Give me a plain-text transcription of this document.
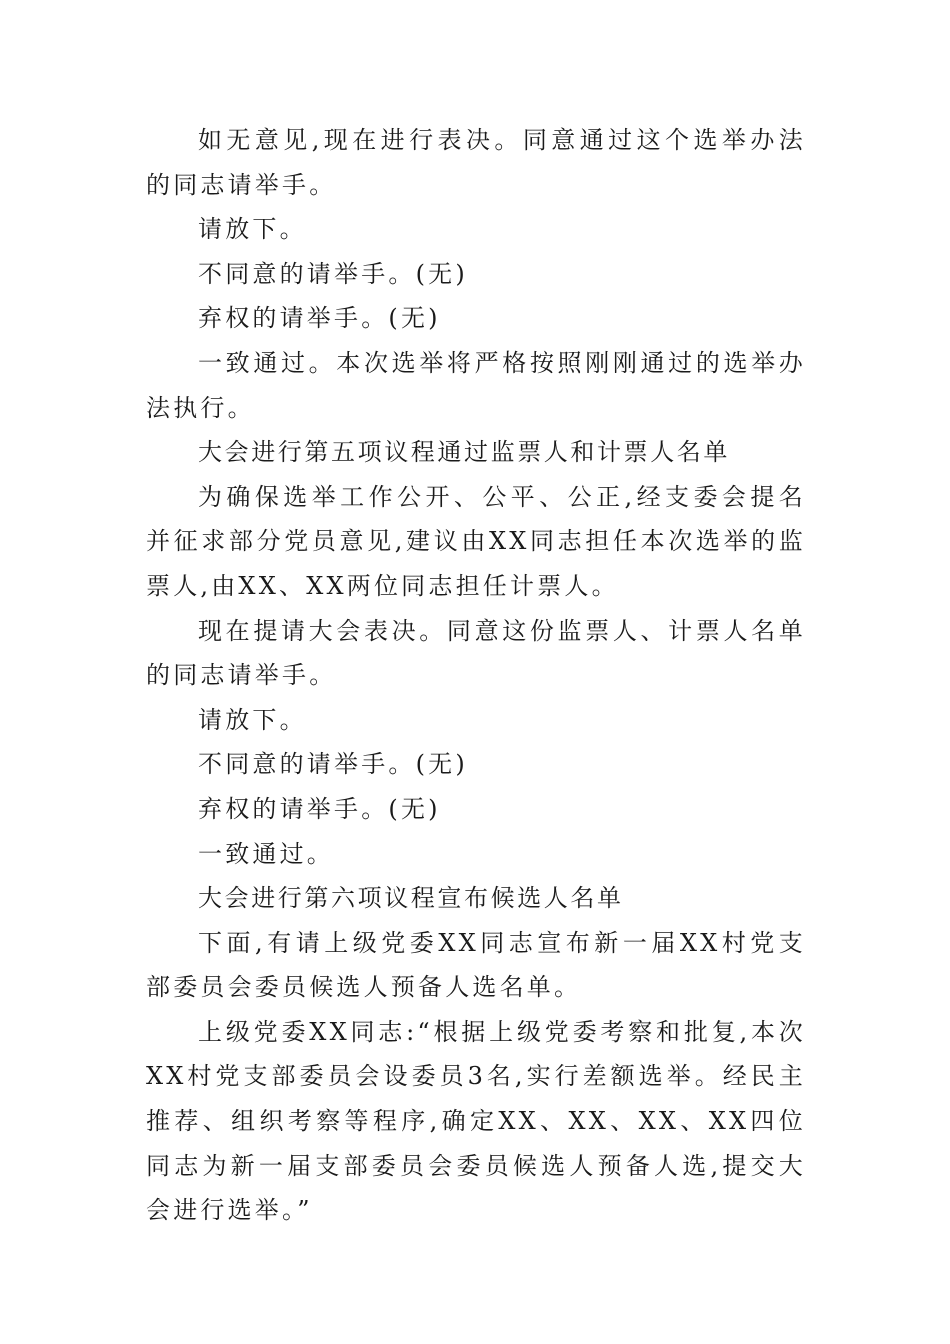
如无意见,现在进行表决。同意通过这个选举办法的同志请举手。

请放下。

不同意的请举手。(无)

弃权的请举手。(无)

一致通过。本次选举将严格按照刚刚通过的选举办法执行。

大会进行第五项议程通过监票人和计票人名单

为确保选举工作公开、公平、公正,经支委会提名并征求部分党员意见,建议由XX同志担任本次选举的监票人,由XX、XX两位同志担任计票人。

现在提请大会表决。同意这份监票人、计票人名单的同志请举手。

请放下。

不同意的请举手。(无)

弃权的请举手。(无)

一致通过。

大会进行第六项议程宣布候选人名单

下面,有请上级党委XX同志宣布新一届XX村党支部委员会委员候选人预备人选名单。

上级党委XX同志:“根据上级党委考察和批复,本次XX村党支部委员会设委员3名,实行差额选举。经民主推荐、组织考察等程序,确定XX、XX、XX、XX四位同志为新一届支部委员会委员候选人预备人选,提交大会进行选举。”
